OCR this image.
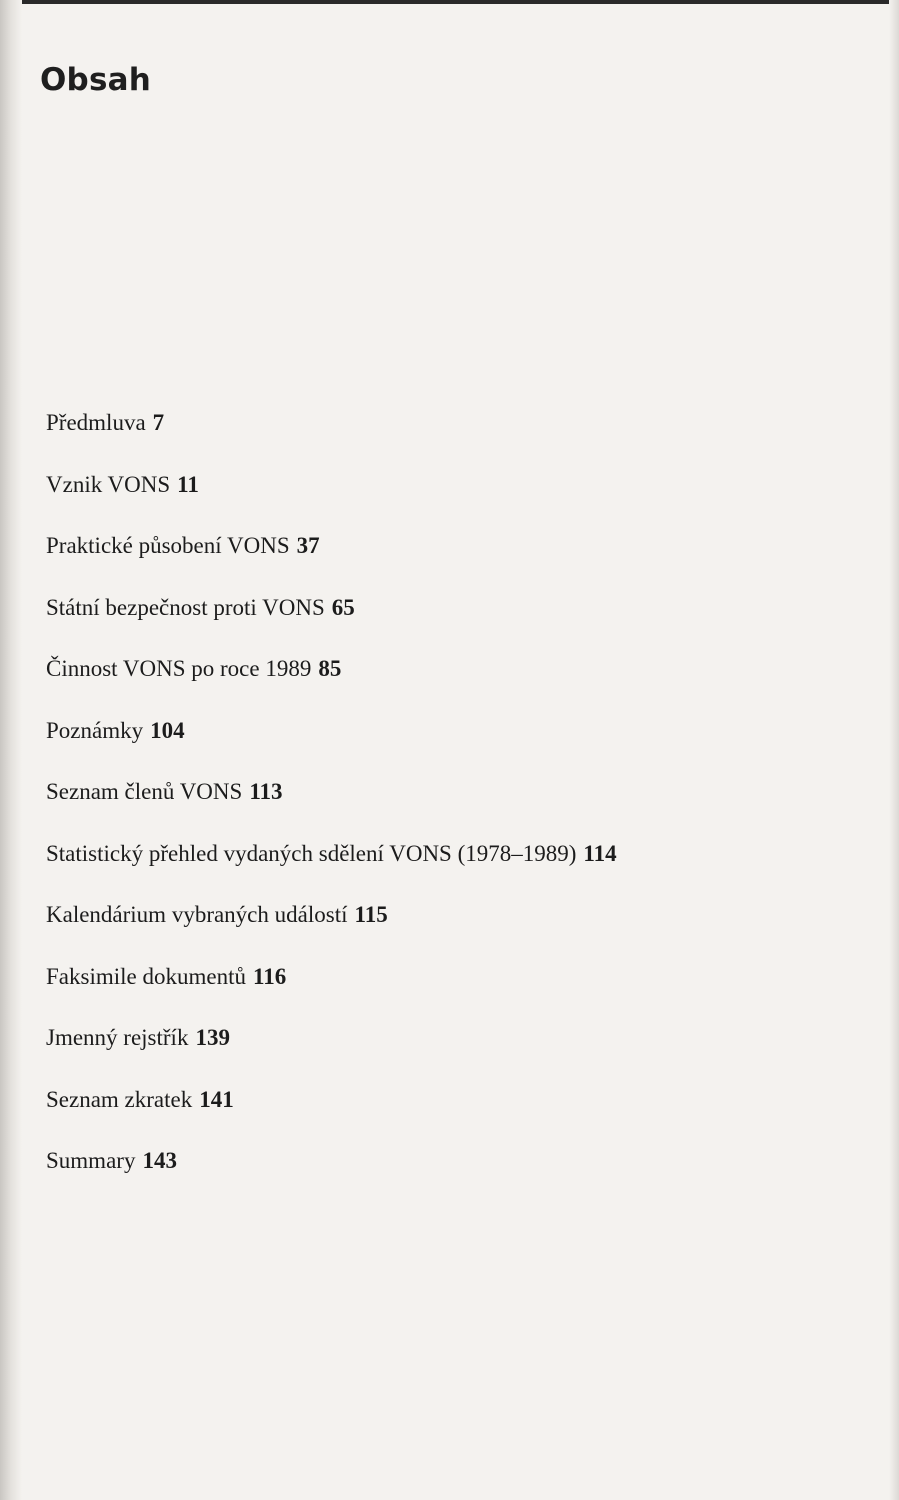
Obsah
Předmluva 7
Vznik VONS 11
Praktické působení VONS 37
Státní bezpečnost proti VONS 65
Činnost VONS po roce 1989 85
Poznámky 104
Seznam členů VONS 113
Statistický přehled vydaných sdělení VONS (1978–1989) 114
Kalendárium vybraných událostí 115
Faksimile dokumentů 116
Jmenný rejstřík 139
Seznam zkratek 141
Summary 143
